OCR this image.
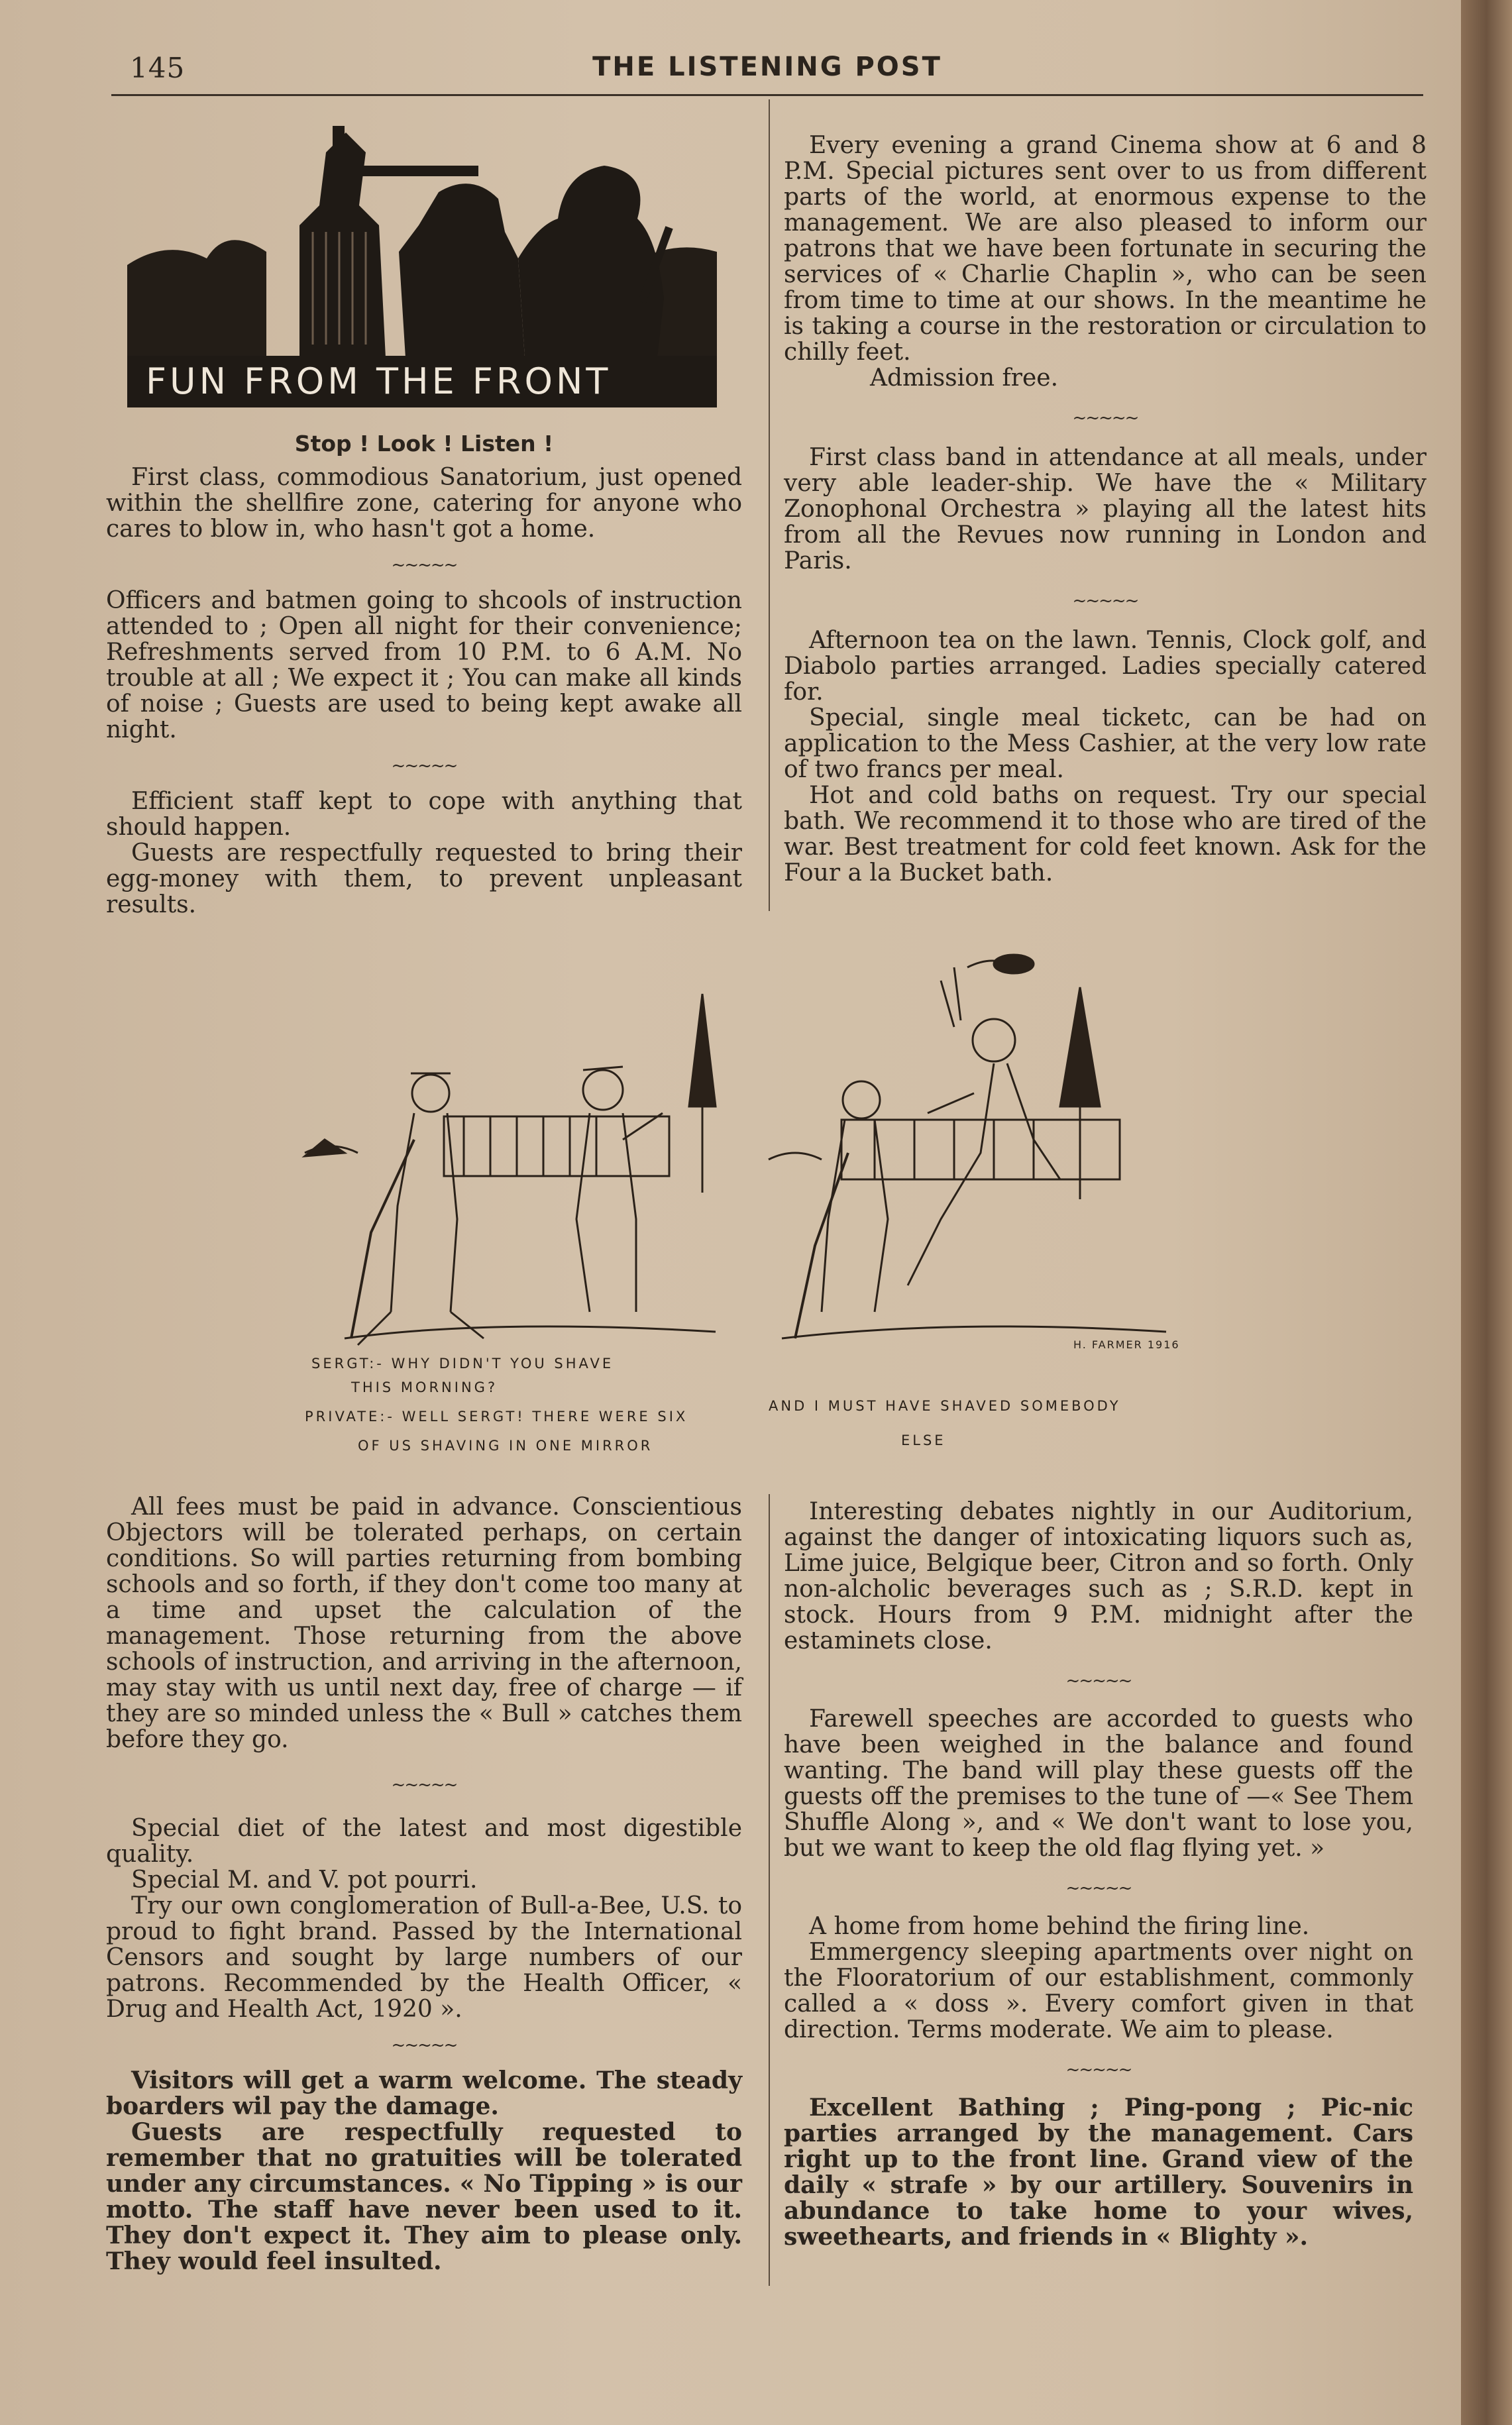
145	THE LISTENING POST
FUN FROM THE FRONT
Stop ! Look ! Listen !

First class, commodious Sanatorium, just opened within the shellfire zone, catering for anyone who cares to blow in, who hasn't got a home.

~~~~~

Officers and batmen going to shcools of instruction attended to ; Open all night for their convenience; Refreshments served from 10 P.M. to 6 A.M. No trouble at all ; We expect it ; You can make all kinds of noise ; Guests are used to being kept awake all night.

~~~~~

Efficient staff kept to cope with anything that should happen.

Guests are respectfully requested to bring their egg-money with them, to prevent unpleasant results.

Every evening a grand Cinema show at 6 and 8 P.M. Special pictures sent over to us from different parts of the world, at enormous expense to the management. We are also pleased to inform our patrons that we have been fortunate in securing the services of « Charlie Chaplin », who can be seen from time to time at our shows. In the meantime he is taking a course in the restoration or circulation to chilly feet.

Admission free.

~~~~~

First class band in attendance at all meals, under very able leader-ship. We have the « Military Zonophonal Orchestra » playing all the latest hits from all the Revues now running in London and Paris.

~~~~~

Afternoon tea on the lawn. Tennis, Clock golf, and Diabolo parties arranged. Ladies specially catered for.

Special, single meal ticketc, can be had on application to the Mess Cashier, at the very low rate of two francs per meal.

Hot and cold baths on request. Try our special bath. We recommend it to those who are tired of the war. Best treatment for cold feet known. Ask for the Four a la Bucket bath.

SERGT:- WHY DIDN'T YOU SHAVE
THIS MORNING?
PRIVATE:- WELL SERGT! THERE WERE SIX
OF US SHAVING IN ONE MIRROR
AND I MUST HAVE SHAVED SOMEBODY
ELSE
H. FARMER 1916

All fees must be paid in advance. Conscientious Objectors will be tolerated perhaps, on certain conditions. So will parties returning from bombing schools and so forth, if they don't come too many at a time and upset the calculation of the management. Those returning from the above schools of instruction, and arriving in the afternoon, may stay with us until next day, free of charge — if they are so minded unless the « Bull » catches them before they go.

~~~~~

Special diet of the latest and most digestible quality.

Special M. and V. pot pourri.

Try our own conglomeration of Bull-a-Bee, U.S. to proud to fight brand. Passed by the International Censors and sought by large numbers of our patrons. Recommended by the Health Officer, « Drug and Health Act, 1920 ».

~~~~~

Visitors will get a warm welcome. The steady boarders wil pay the damage.

Guests are respectfully requested to remember that no gratuities will be tolerated under any circumstances. « No Tipping » is our motto. The staff have never been used to it. They don't expect it. They aim to please only. They would feel insulted.

Interesting debates nightly in our Auditorium, against the danger of intoxicating liquors such as, Lime juice, Belgique beer, Citron and so forth. Only non-alcholic beverages such as ; S.R.D. kept in stock. Hours from 9 P.M. midnight after the estaminets close.

~~~~~

Farewell speeches are accorded to guests who have been weighed in the balance and found wanting. The band will play these guests off the guests off the premises to the tune of —« See Them Shuffle Along », and « We don't want to lose you, but we want to keep the old flag flying yet. »

~~~~~

A home from home behind the firing line.

Emmergency sleeping apartments over night on the Flooratorium of our establishment, commonly called a « doss ». Every comfort given in that direction. Terms moderate. We aim to please.

~~~~~

Excellent Bathing ; Ping-pong ; Pic-nic parties arranged by the management. Cars right up to the front line. Grand view of the daily « strafe » by our artillery. Souvenirs in abundance to take home to your wives, sweethearts, and friends in « Blighty ».
